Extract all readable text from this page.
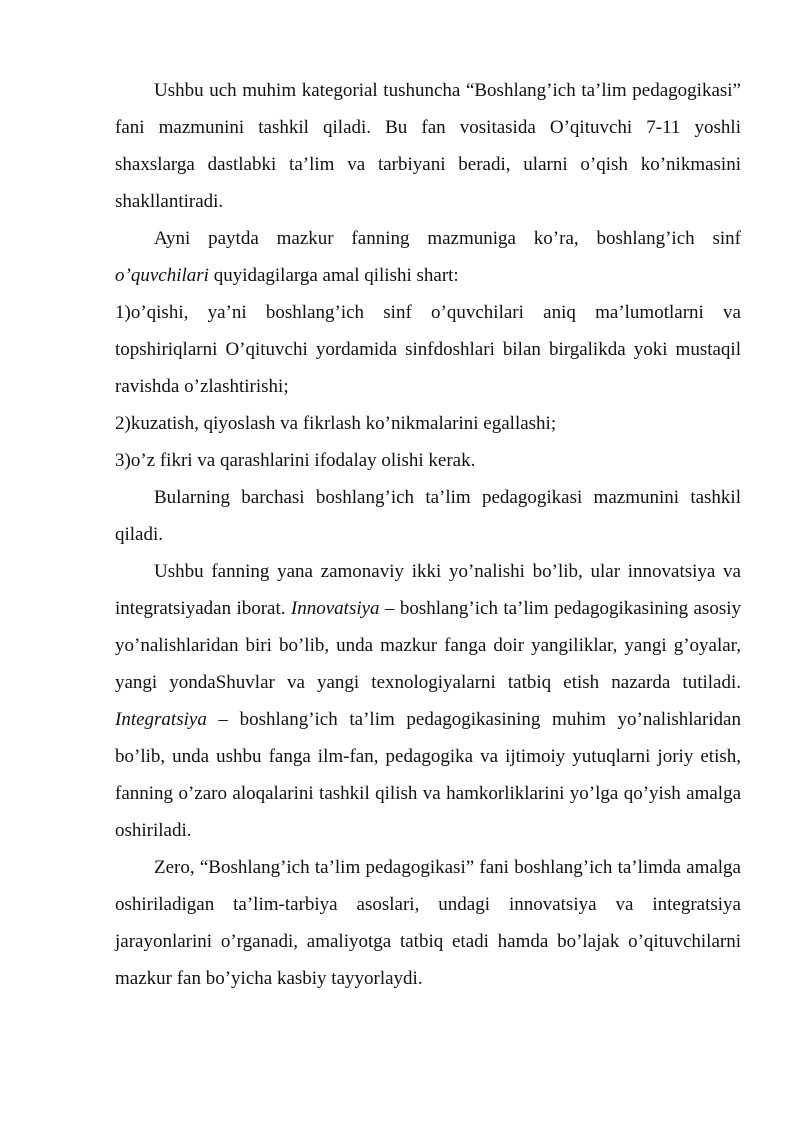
Ushbu uch muhim kategorial tushuncha “Boshlang’ich ta’lim pedagogikasi” fani mazmunini tashkil qiladi. Bu fan vositasida O’qituvchi 7-11 yoshli shaxslarga dastlabki ta’lim va tarbiyani beradi, ularni o’qish ko’nikmasini shakllantiradi.

Ayni paytda mazkur fanning mazmuniga ko’ra, boshlang’ich sinf o’quvchilari quyidagilarga amal qilishi shart:

1)o’qishi, ya’ni boshlang’ich sinf o’quvchilari aniq ma’lumotlarni va topshiriqlarni O’qituvchi yordamida sinfdoshlari bilan birgalikda yoki mustaqil ravishda o’zlashtirishi;

2)kuzatish, qiyoslash va fikrlash ko’nikmalarini egallashi;

3)o’z fikri va qarashlarini ifodalay olishi kerak.

Bularning barchasi boshlang’ich ta’lim pedagogikasi mazmunini tashkil qiladi.

Ushbu fanning yana zamonaviy ikki yo’nalishi bo’lib, ular innovatsiya va integratsiyadan iborat. Innovatsiya – boshlang’ich ta’lim pedagogikasining asosiy yo’nalishlaridan biri bo’lib, unda mazkur fanga doir yangiliklar, yangi g’oyalar, yangi yondaShuvlar va yangi texnologiyalarni tatbiq etish nazarda tutiladi. Integratsiya – boshlang’ich ta’lim pedagogikasining muhim yo’nalishlaridan bo’lib, unda ushbu fanga ilm-fan, pedagogika va ijtimoiy yutuqlarni joriy etish, fanning o’zaro aloqalarini tashkil qilish va hamkorliklarini yo’lga qo’yish amalga oshiriladi.

Zero, “Boshlang’ich ta’lim pedagogikasi” fani boshlang’ich ta’limda amalga oshiriladigan ta’lim-tarbiya asoslari, undagi innovatsiya va integratsiya jarayonlarini o’rganadi, amaliyotga tatbiq etadi hamda bo’lajak o’qituvchilarni mazkur fan bo’yicha kasbiy tayyorlaydi.
